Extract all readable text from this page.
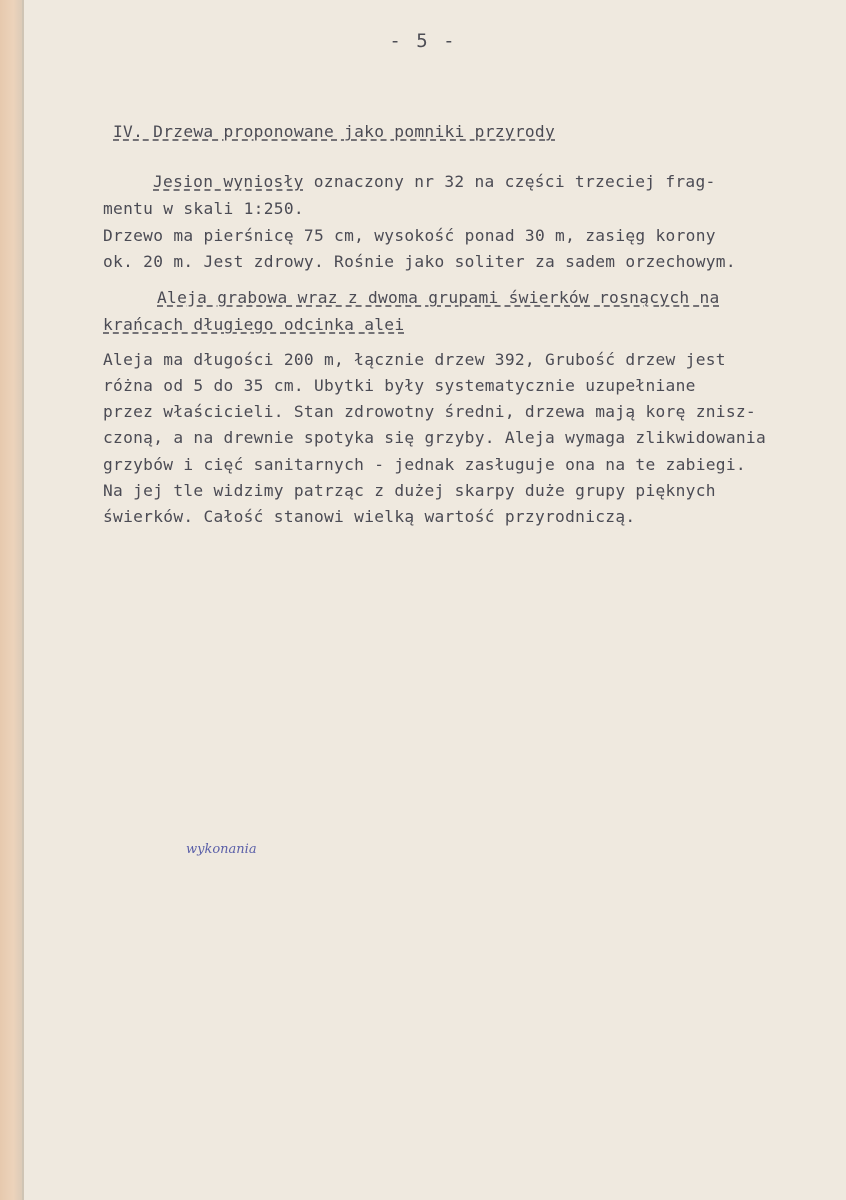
- 5 -
IV. Drzewa proponowane jako pomniki przyrody
Jesion wyniosły oznaczony nr 32 na części trzeciej frag-
mentu w skali 1:250.
Drzewo ma pierśnicę 75 cm, wysokość ponad 30 m, zasięg korony
ok. 20 m. Jest zdrowy. Rośnie jako soliter za sadem orzechowym.
Aleja grabowa wraz z dwoma grupami świerków rosnących na
krańcach długiego odcinka alei
Aleja ma długości 200 m, łącznie drzew 392, Grubość drzew jest
różna od 5 do 35 cm. Ubytki były systematycznie uzupełniane
przez właścicieli. Stan zdrowotny średni, drzewa mają korę znisz-
czoną, a na drewnie spotyka się grzyby. Aleja wymaga zlikwidowania
grzybów i cięć sanitarnych - jednak zasługuje ona na te zabiegi.
Na jej tle widzimy patrząc z dużej skarpy duże grupy pięknych
świerków. Całość stanowi wielką wartość przyrodniczą.
wykonania
